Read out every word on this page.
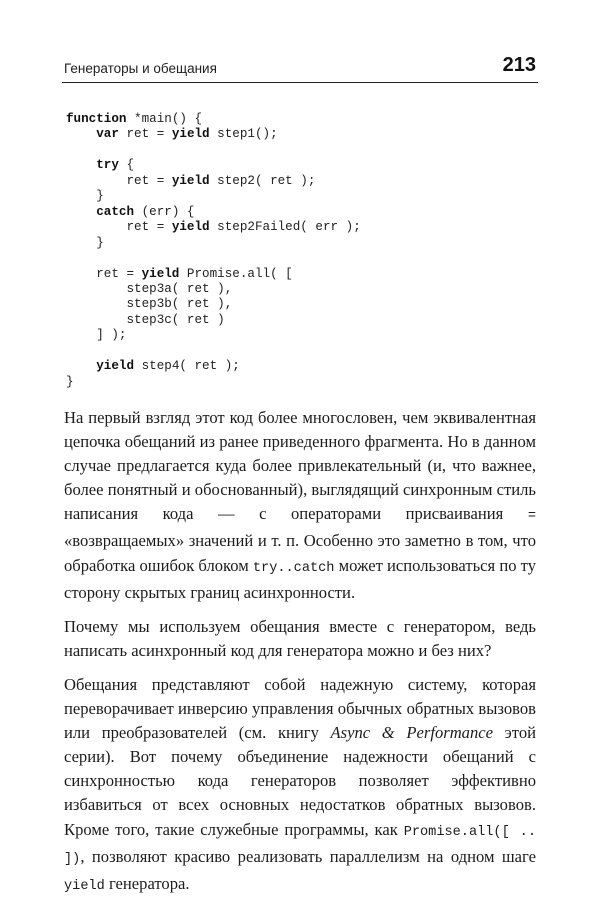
Генераторы и обещания	213
function *main() {
var ret = yield step1();

try {
ret = yield step2( ret );
}
catch (err) {
ret = yield step2Failed( err );
}

ret = yield Promise.all( [
step3a( ret ),
step3b( ret ),
step3c( ret )
] );

yield step4( ret );
}

На первый взгляд этот код более многословен, чем эквивалентная цепочка обещаний из ранее приведенного фрагмента. Но в данном случае предлагается куда более привлекательный (и, что важнее, более понятный и обоснованный), выглядящий синхронным стиль написания кода — с операторами присваивания = «возвращаемых» значений и т. п. Особенно это заметно в том, что обработка ошибок блоком try..catch может использоваться по ту сторону скрытых границ асинхронности.

Почему мы используем обещания вместе с генератором, ведь написать асинхронный код для генератора можно и без них?

Обещания представляют собой надежную систему, которая переворачивает инверсию управления обычных обратных вызовов или преобразователей (см. книгу Async & Performance этой серии). Вот почему объединение надежности обещаний с синхронностью кода генераторов позволяет эффективно избавиться от всех основных недостатков обратных вызовов. Кроме того, такие служебные программы, как Promise.all([ .. ]), позволяют красиво реализовать параллелизм на одном шаге yield генератора.
